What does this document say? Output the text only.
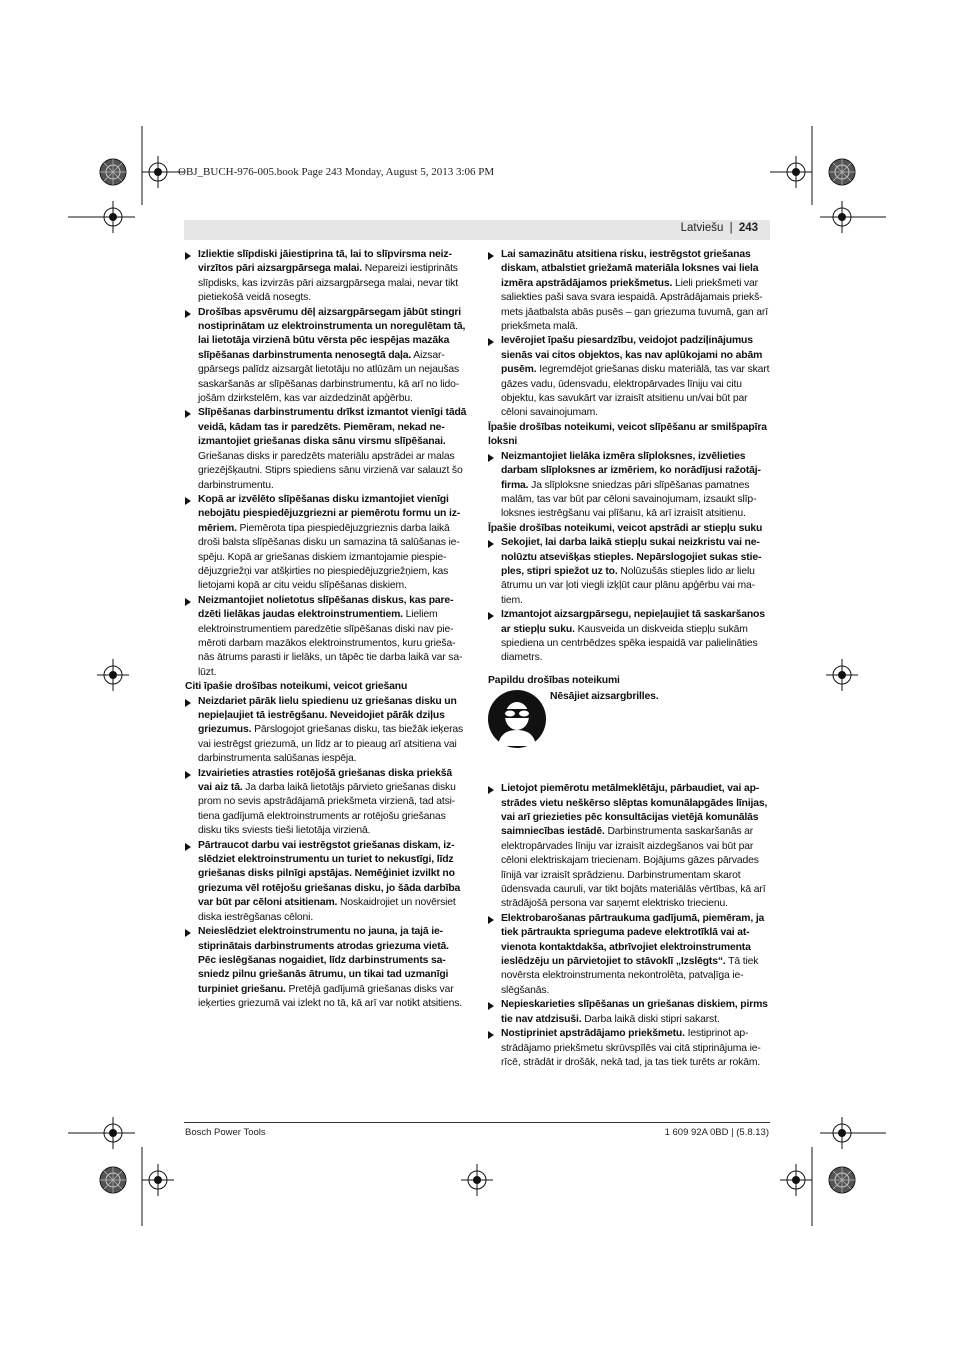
OBJ_BUCH-976-005.book Page 243 Monday, August 5, 2013 3:06 PM
Latviešu | 243

Izliektie slīpdiski jāiestiprina tā, lai to slīpvirsma neizvirzītos pāri aizsargpārsega malai. Nepareizi iestiprināts slīpdisks, kas izvirzās pāri aizsargpārsega malai, nevar tikt pietiekošā veidā nosegts.

Drošības apsvērumu dēļ aizsargpārsegam jābūt stingri nostiprinātam uz elektroinstrumenta un noregulētam tā, lai lietotāja virzienā būtu vērsta pēc iespējas mazāka slīpēšanas darbinstrumenta nenosegtā daļa. Aizsargpārsegs palīdz aizsargāt lietotāju no atlūzām un nejaušas saskaršanās ar slīpēšanas darbinstrumentu, kā arī no lidojošām dzirkstelēm, kas var aizdedzināt apģērbu.

Slīpēšanas darbinstrumentu drīkst izmantot vienīgi tādā veidā, kādam tas ir paredzēts. Piemēram, nekad neizmantojiet griešanas diska sānu virsmu slīpēšanai. Griešanas disks ir paredzēts materiālu apstrādei ar malas griezējšķautni. Stiprs spiediens sānu virzienā var salauzt šo darbinstrumentu.

Kopā ar izvēlēto slīpēšanas disku izmantojiet vienīgi nebojātu piespiedējuzgriezni ar piemērotu formu un izmēriem. Piemērota tipa piespiedējuzgrieznis darba laikā droši balsta slīpēšanas disku un samazina tā salūšanas iespēju. Kopā ar griešanas diskiem izmantojamie piespiedējuzgriežņi var atšķirties no piespiedējuzgriežņiem, kas lietojami kopā ar citu veidu slīpēšanas diskiem.

Neizmantojiet nolietotus slīpēšanas diskus, kas paredzēti lielākas jaudas elektroinstrumentiem. Lieliem elektroinstrumentiem paredzētie slīpēšanas diski nav piemēroti darbam mazākos elektroinstrumentos, kuru griešanās ātrums parasti ir lielāks, un tāpēc tie darba laikā var salūzt.

Citi īpašie drošības noteikumi, veicot griešanu

Neizdariet pārāk lielu spiedienu uz griešanas disku un nepieļaujiet tā iestrēgšanu. Neveidojiet pārāk dziļus griezumus. Pārslogojot griešanas disku, tas biežāk ieķeras vai iestrēgst griezumā, un līdz ar to pieaug arī atsitiena vai darbinstrumenta salūšanas iespēja.

Izvairieties atrasties rotējošā griešanas diska priekšā vai aiz tā. Ja darba laikā lietotājs pārvieto griešanas disku prom no sevis apstrādājamā priekšmeta virzienā, tad atsitiena gadījumā elektroinstruments ar rotējošu griešanas disku tiks sviests tieši lietotāja virzienā.

Pārtraucot darbu vai iestrēgstot griešanas diskam, izslēdziet elektroinstrumentu un turiet to nekustīgi, līdz griešanas disks pilnīgi apstājas. Nemēģiniet izvilkt no griezuma vēl rotējošu griešanas disku, jo šāda darbība var būt par cēloni atsitienam. Noskaidrojiet un novērsiet diska iestrēgšanas cēloni.

Neieslēdziet elektroinstrumentu no jauna, ja tajā iestiprinātais darbinstruments atrodas griezuma vietā. Pēc ieslēgšanas nogaidiet, līdz darbinstruments sasniedz pilnu griešanās ātrumu, un tikai tad uzmanīgi turpiniet griešanu. Pretējā gadījumā griešanas disks var ieķerties griezumā vai izlekt no tā, kā arī var notikt atsitiens.

Lai samazinātu atsitiena risku, iestrēgstot griešanas diskam, atbalstiet griežamā materiāla loksnes vai liela izmēra apstrādājamos priekšmetus. Lieli priekšmeti var saliekties paši sava svara iespaidā. Apstrādājamais priekšmets jāatbalsta abās pusēs – gan griezuma tuvumā, gan arī priekšmeta malā.

Ievērojiet īpašu piesardzību, veidojot padziļinājumus sienās vai citos objektos, kas nav aplūkojami no abām pusēm. Iegremdējot griešanas disku materiālā, tas var skart gāzes vadu, ūdensvadu, elektropārvades līniju vai citu objektu, kas savukārt var izraisīt atsitienu un/vai būt par cēloni savainojumam.

Īpašie drošības noteikumi, veicot slīpēšanu ar smilšpapīra loksni

Neizmantojiet lielāka izmēra slīploksnes, izvēlieties darbam slīploksnes ar izmēriem, ko norādījusi ražotājfirma. Ja slīploksne sniedzas pāri slīpēšanas pamatnes malām, tas var būt par cēloni savainojumam, izsaukt slīploksnes iestrēgšanu vai plīšanu, kā arī izraisīt atsitienu.

Īpašie drošības noteikumi, veicot apstrādi ar stiepļu suku

Sekojiet, lai darba laikā stiepļu sukai neizkristu vai nenolūztu atsevišķas stieples. Nepārslogojiet sukas stieples, stipri spiežot uz to. Nolūzušās stieples lido ar lielu ātrumu un var ļoti viegli izķļūt caur plānu apģērbu vai matiem.

Izmantojot aizsargpārsegu, nepieļaujiet tā saskaršanos ar stiepļu suku. Kausveida un diskveida stiepļu sukām spiediena un centrbēdzes spēka iespaidā var palielināties diametrs.

Papildu drošības noteikumi

Nēsājiet aizsargbrilles.

Lietojot piemērotu metālmeklētāju, pārbaudiet, vai apstrādes vietu neškērso slēptas komunālapgādes līnijas, vai arī griezieties pēc konsultācijas vietējā komunālās saimniecības iestādē. Darbinstrumenta saskaršanās ar elektropārvades līniju var izraisīt aizdegšanos vai būt par cēloni elektriskajam triecienam. Bojājums gāzes pārvades līnijā var izraisīt sprādzienu. Darbinstrumentam skarot ūdensvada cauruli, var tikt bojāts materiālās vērtības, kā arī strādājošā persona var saņemt elektrisko triecienu.

Elektrobarošanas pārtraukuma gadījumā, piemēram, ja tiek pārtraukta sprieguma padeve elektrotīklā vai atvienota kontaktdakša, atbrīvojiet elektroinstrumenta ieslēdzēju un pārvietojiet to stāvoklī „Izslēgts“. Tā tiek novērsta elektroinstrumenta nekontrolēta, patvaļīga ieslēgšanās.

Nepieskarieties slīpēšanas un griešanas diskiem, pirms tie nav atdzisuši. Darba laikā diski stipri sakarst.

Nostipriniet apstrādājamo priekšmetu. Iestiprinot apstrādājamo priekšmetu skrūvspīlēs vai citā stiprinājuma ierīcē, strādāt ir drošāk, nekā tad, ja tas tiek turēts ar rokām.

Bosch Power Tools	1 609 92A 0BD | (5.8.13)
